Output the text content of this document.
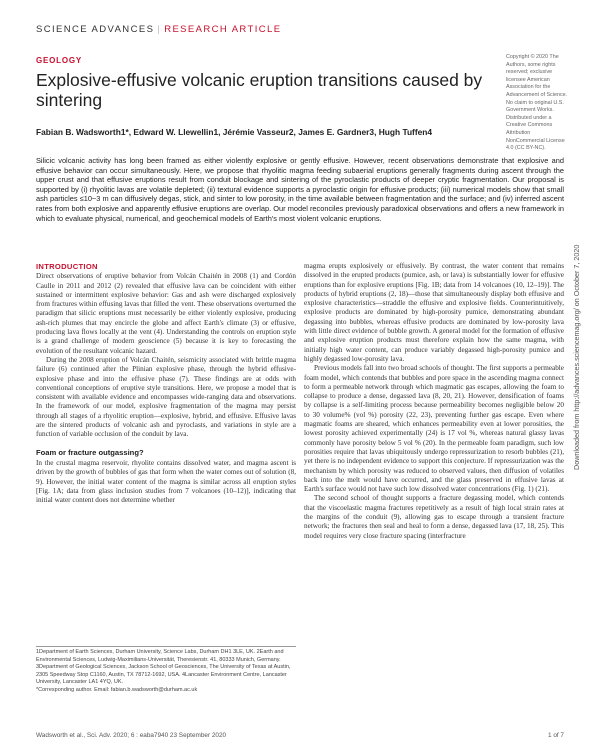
SCIENCE ADVANCES | RESEARCH ARTICLE
GEOLOGY
Explosive-effusive volcanic eruption transitions caused by sintering
Fabian B. Wadsworth1*, Edward W. Llewellin1, Jérémie Vasseur2, James E. Gardner3, Hugh Tuffen4
Copyright © 2020 The Authors, some rights reserved; exclusive licensee American Association for the Advancement of Science. No claim to original U.S. Government Works. Distributed under a Creative Commons Attribution NonCommercial License 4.0 (CC BY-NC).
Silicic volcanic activity has long been framed as either violently explosive or gently effusive. However, recent observations demonstrate that explosive and effusive behavior can occur simultaneously. Here, we propose that rhyolitic magma feeding subaerial eruptions generally fragments during ascent through the upper crust and that effusive eruptions result from conduit blockage and sintering of the pyroclastic products of deeper cryptic fragmentation. Our proposal is supported by (i) rhyolitic lavas are volatile depleted; (ii) textural evidence supports a pyroclastic origin for effusive products; (iii) numerical models show that small ash particles ≤10−3 m can diffusively degas, stick, and sinter to low porosity, in the time available between fragmentation and the surface; and (iv) inferred ascent rates from both explosive and apparently effusive eruptions are overlap. Our model reconciles previously paradoxical observations and offers a new framework in which to evaluate physical, numerical, and geochemical models of Earth's most violent volcanic eruptions.
Downloaded from http://advances.sciencemag.org/ on October 7, 2020
INTRODUCTION

Direct observations of eruptive behavior from Volcán Chaitén in 2008 (1) and Cordón Caulle in 2011 and 2012 (2) revealed that effusive lava can be coincident with either sustained or intermittent explosive behavior: Gas and ash were discharged explosively from fractures within effusing lavas that filled the vent. These observations overturned the paradigm that silicic eruptions must necessarily be either violently explosive, producing ash-rich plumes that may encircle the globe and affect Earth's climate (3) or effusive, producing lava flows locally at the vent (4). Understanding the controls on eruption style is a grand challenge of modern geoscience (5) because it is key to forecasting the evolution of the resultant volcanic hazard.

During the 2008 eruption of Volcán Chaitén, seismicity associated with brittle magma failure (6) continued after the Plinian explosive phase, through the hybrid effusive-explosive phase and into the effusive phase (7). These findings are at odds with conventional conceptions of eruptive style transitions. Here, we propose a model that is consistent with available evidence and encompasses wide-ranging data and observations. In the framework of our model, explosive fragmentation of the magma may persist through all stages of a rhyolitic eruption—explosive, hybrid, and effusive. Effusive lavas are the sintered products of volcanic ash and pyroclasts, and variations in style are a function of variable occlusion of the conduit by lava.

Foam or fracture outgassing?

In the crustal magma reservoir, rhyolite contains dissolved water, and magma ascent is driven by the growth of bubbles of gas that form when the water comes out of solution (8, 9). However, the initial water content of the magma is similar across all eruption styles [Fig. 1A; data from glass inclusion studies from 7 volcanoes (10–12)], indicating that initial water content does not determine whether

magma erupts explosively or effusively. By contrast, the water content that remains dissolved in the erupted products (pumice, ash, or lava) is substantially lower for effusive eruptions than for explosive eruptions [Fig. 1B; data from 14 volcanoes (10, 12–19)]. The products of hybrid eruptions (2, 18)—those that simultaneously display both effusive and explosive characteristics—straddle the effusive and explosive fields. Counterintuitively, explosive products are dominated by high-porosity pumice, demonstrating abundant degassing into bubbles, whereas effusive products are dominated by low-porosity lava with little direct evidence of bubble growth. A general model for the formation of effusive and explosive eruption products must therefore explain how the same magma, with initially high water content, can produce variably degassed high-porosity pumice and highly degassed low-porosity lava.

Previous models fall into two broad schools of thought. The first supports a permeable foam model, which contends that bubbles and pore space in the ascending magma connect to form a permeable network through which magmatic gas escapes, allowing the foam to collapse to produce a dense, degassed lava (8, 20, 21). However, densification of foams by collapse is a self-limiting process because permeability becomes negligible below 20 to 30 volume% (vol %) porosity (22, 23), preventing further gas escape. Even where magmatic foams are sheared, which enhances permeability even at lower porosities, the lowest porosity achieved experimentally (24) is 17 vol %, whereas natural glassy lavas commonly have porosity below 5 vol % (20). In the permeable foam paradigm, such low porosities require that lavas ubiquitously undergo repressurization to resorb bubbles (21), yet there is no independent evidence to support this conjecture. If repressurization was the mechanism by which porosity was reduced to observed values, then diffusion of volatiles back into the melt would have occurred, and the glass preserved in effusive lavas at Earth's surface would not have such low dissolved water concentrations (Fig. 1) (21).

The second school of thought supports a fracture degassing model, which contends that the viscoelastic magma fractures repetitively as a result of high local strain rates at the margins of the conduit (9), allowing gas to escape through a transient fracture network; the fractures then seal and heal to form a dense, degassed lava (17, 18, 25). This model requires very close fracture spacing (interfracture

1Department of Earth Sciences, Durham University, Science Labs, Durham DH1 3LE, UK. 2Earth and Environmental Sciences, Ludwig-Maximilians-Universität, Theresienstr. 41, 80333 Munich, Germany. 3Department of Geological Sciences, Jackson School of Geosciences, The University of Texas at Austin, 2305 Speedway Stop C1160, Austin, TX 78712-1692, USA. 4Lancaster Environment Centre, Lancaster University, Lancaster LA1 4YQ, UK.
*Corresponding author. Email: fabian.b.wadsworth@durham.ac.uk
Wadsworth et al., Sci. Adv. 2020; 6 : eaba7940 23 September 2020	1 of 7
